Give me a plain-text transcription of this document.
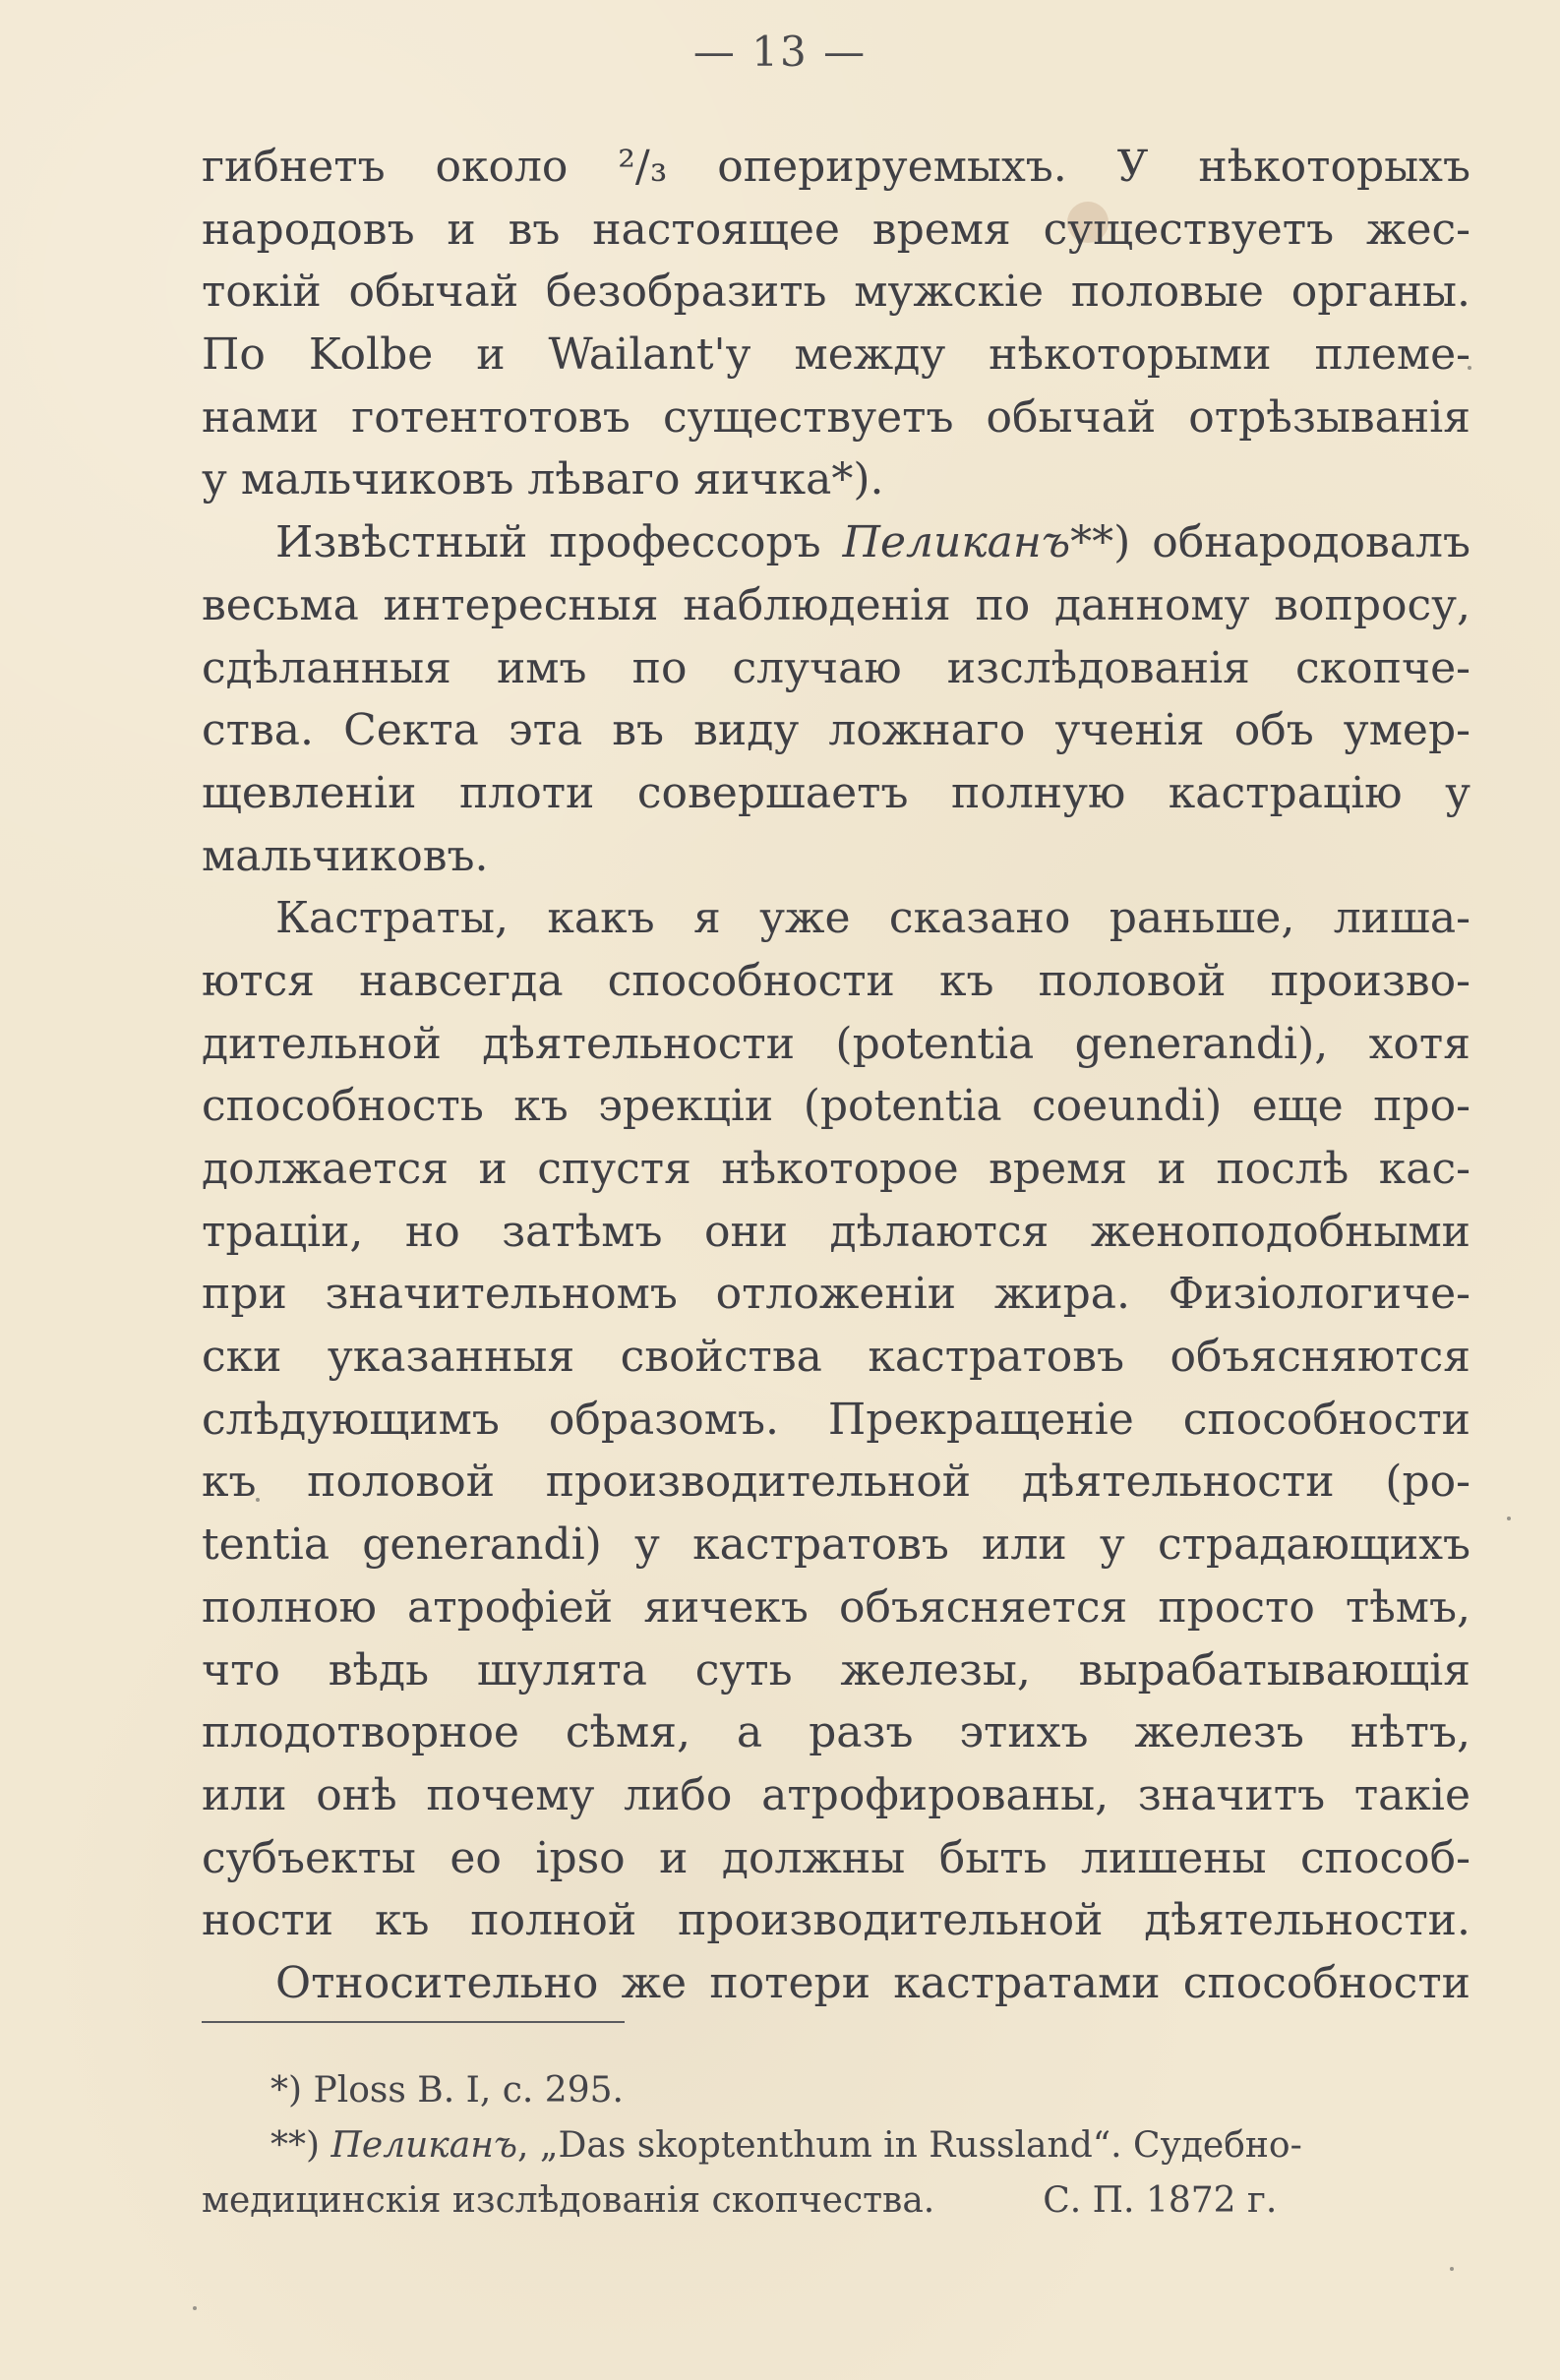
— 13 —
гибнетъ около ²/₃ оперируемыхъ. У нѣкоторыхъ
народовъ и въ настоящее время существуетъ жес-
токій обычай безобразить мужскіе половые органы.
По Kolbe и Wailant'у между нѣкоторыми племе-
нами готентотовъ существуетъ обычай отрѣзыванія
у мальчиковъ лѣваго яичка*).
Извѣстный профессоръ Пеликанъ**) обнародовалъ
весьма интересныя наблюденія по данному вопросу,
сдѣланныя имъ по случаю изслѣдованія скопче-
ства. Секта эта въ виду ложнаго ученія объ умер-
щевленіи плоти совершаетъ полную кастрацію у
мальчиковъ.
Кастраты, какъ я уже сказано раньше, лиша-
ются навсегда способности къ половой произво-
дительной дѣятельности (potentia generandi), хотя
способность къ эрекціи (potentia coeundi) еще про-
должается и спустя нѣкоторое время и послѣ кас-
траціи, но затѣмъ они дѣлаются женоподобными
при значительномъ отложеніи жира. Физіологиче-
ски указанныя свойства кастратовъ объясняются
слѣдующимъ образомъ. Прекращеніе способности
къ половой производительной дѣятельности (po-
tentia generandi) у кастратовъ или у страдающихъ
полною атрофіей яичекъ объясняется просто тѣмъ,
что вѣдь шулята суть железы, вырабатывающія
плодотворное сѣмя, а разъ этихъ железъ нѣтъ,
или онѣ почему либо атрофированы, значитъ такіе
субъекты eo ipso и должны быть лишены способ-
ности къ полной производительной дѣятельности.
Относительно же потери кастратами способности
*) Ploss B. I, c. 295.
**) Пеликанъ, „Das skoptenthum in Russland“. Судебно-
медицинскія изслѣдованія скопчества.	С. П. 1872 г.
